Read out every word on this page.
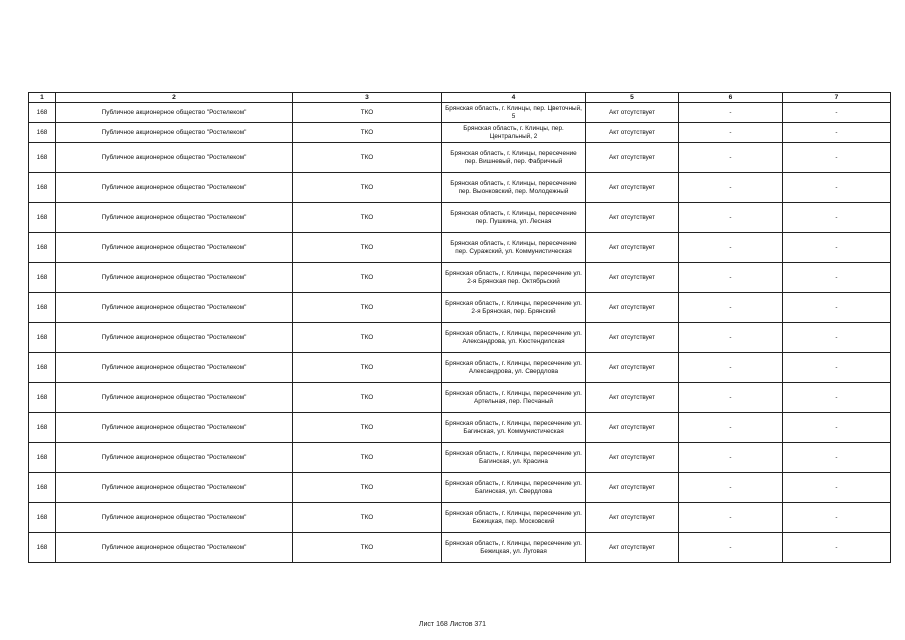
1	2	3	4	5	6	7
168	Публичное акционерное общество "Ростелеком"	ТКО	Брянская область, г. Клинцы, пер. Цветочный, 5	Акт отсутствует	-	-
168	Публичное акционерное общество "Ростелеком"	ТКО	Брянская область, г. Клинцы, пер. Центральный, 2	Акт отсутствует	-	-
168	Публичное акционерное общество "Ростелеком"	ТКО	Брянская область, г. Клинцы, пересечение пер. Вишневый, пер. Фабричный	Акт отсутствует	-	-
168	Публичное акционерное общество "Ростелеком"	ТКО	Брянская область, г. Клинцы, пересечение пер. Выонковский, пер. Молодежный	Акт отсутствует	-	-
168	Публичное акционерное общество "Ростелеком"	ТКО	Брянская область, г. Клинцы, пересечение пер. Пушкина, ул. Лесная	Акт отсутствует	-	-
168	Публичное акционерное общество "Ростелеком"	ТКО	Брянская область, г. Клинцы, пересечение пер. Суражский, ул. Коммунистическая	Акт отсутствует	-	-
168	Публичное акционерное общество "Ростелеком"	ТКО	Брянская область, г. Клинцы, пересечение ул. 2-я Брянская пер. Октябрьский	Акт отсутствует	-	-
168	Публичное акционерное общество "Ростелеком"	ТКО	Брянская область, г. Клинцы, пересечение ул. 2-я Брянская, пер. Брянский	Акт отсутствует	-	-
168	Публичное акционерное общество "Ростелеком"	ТКО	Брянская область, г. Клинцы, пересечение ул. Александрова, ул. Кюстендилская	Акт отсутствует	-	-
168	Публичное акционерное общество "Ростелеком"	ТКО	Брянская область, г. Клинцы, пересечение ул. Александрова, ул. Свердлова	Акт отсутствует	-	-
168	Публичное акционерное общество "Ростелеком"	ТКО	Брянская область, г. Клинцы, пересечение ул. Артельная, пер. Песчаный	Акт отсутствует	-	-
168	Публичное акционерное общество "Ростелеком"	ТКО	Брянская область, г. Клинцы, пересечение ул. Багинская, ул. Коммунистическая	Акт отсутствует	-	-
168	Публичное акционерное общество "Ростелеком"	ТКО	Брянская область, г. Клинцы, пересечение ул. Багинская, ул. Красина	Акт отсутствует	-	-
168	Публичное акционерное общество "Ростелеком"	ТКО	Брянская область, г. Клинцы, пересечение ул. Багинская, ул. Свердлова	Акт отсутствует	-	-
168	Публичное акционерное общество "Ростелеком"	ТКО	Брянская область, г. Клинцы, пересечение ул. Бежицкая, пер. Московский	Акт отсутствует	-	-
168	Публичное акционерное общество "Ростелеком"	ТКО	Брянская область, г. Клинцы, пересечение ул. Бежицкая, ул. Луговая	Акт отсутствует	-	-
Лист 168 Листов 371
